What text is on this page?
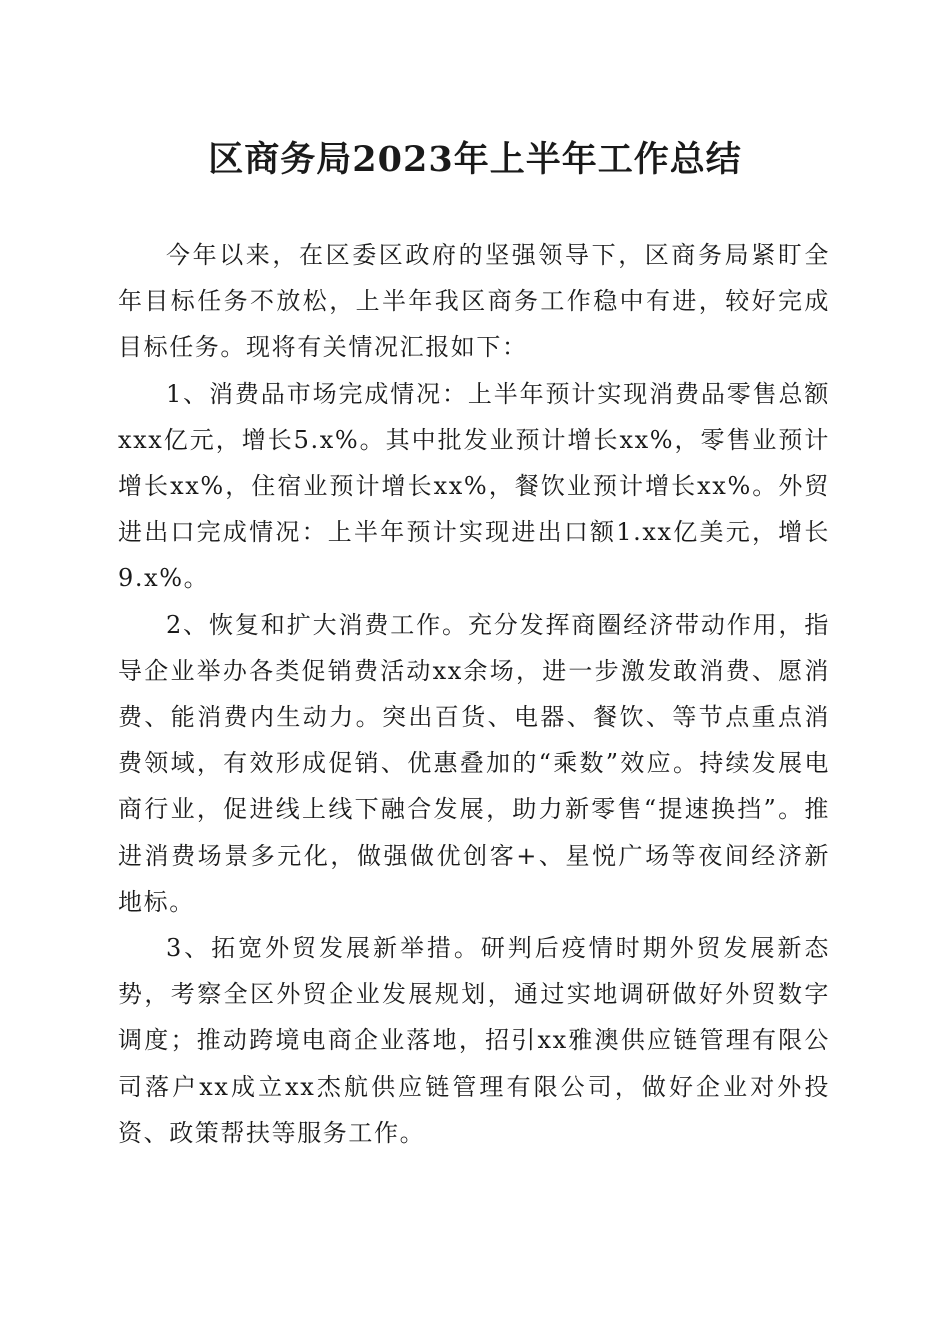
区商务局2023年上半年工作总结

今年以来，在区委区政府的坚强领导下，区商务局紧盯全年目标任务不放松，上半年我区商务工作稳中有进，较好完成目标任务。现将有关情况汇报如下：

1、消费品市场完成情况：上半年预计实现消费品零售总额xxx亿元，增长5.x%。其中批发业预计增长xx%，零售业预计增长xx%，住宿业预计增长xx%，餐饮业预计增长xx%。外贸进出口完成情况：上半年预计实现进出口额1.xx亿美元，增长9.x%。

2、恢复和扩大消费工作。充分发挥商圈经济带动作用，指导企业举办各类促销费活动xx余场，进一步激发敢消费、愿消费、能消费内生动力。突出百货、电器、餐饮、等节点重点消费领域，有效形成促销、优惠叠加的“乘数”效应。持续发展电商行业，促进线上线下融合发展，助力新零售“提速换挡”。推进消费场景多元化，做强做优创客+、星悦广场等夜间经济新地标。

3、拓宽外贸发展新举措。研判后疫情时期外贸发展新态势，考察全区外贸企业发展规划，通过实地调研做好外贸数字调度；推动跨境电商企业落地，招引xx雅澳供应链管理有限公司落户xx成立xx杰航供应链管理有限公司，做好企业对外投资、政策帮扶等服务工作。
